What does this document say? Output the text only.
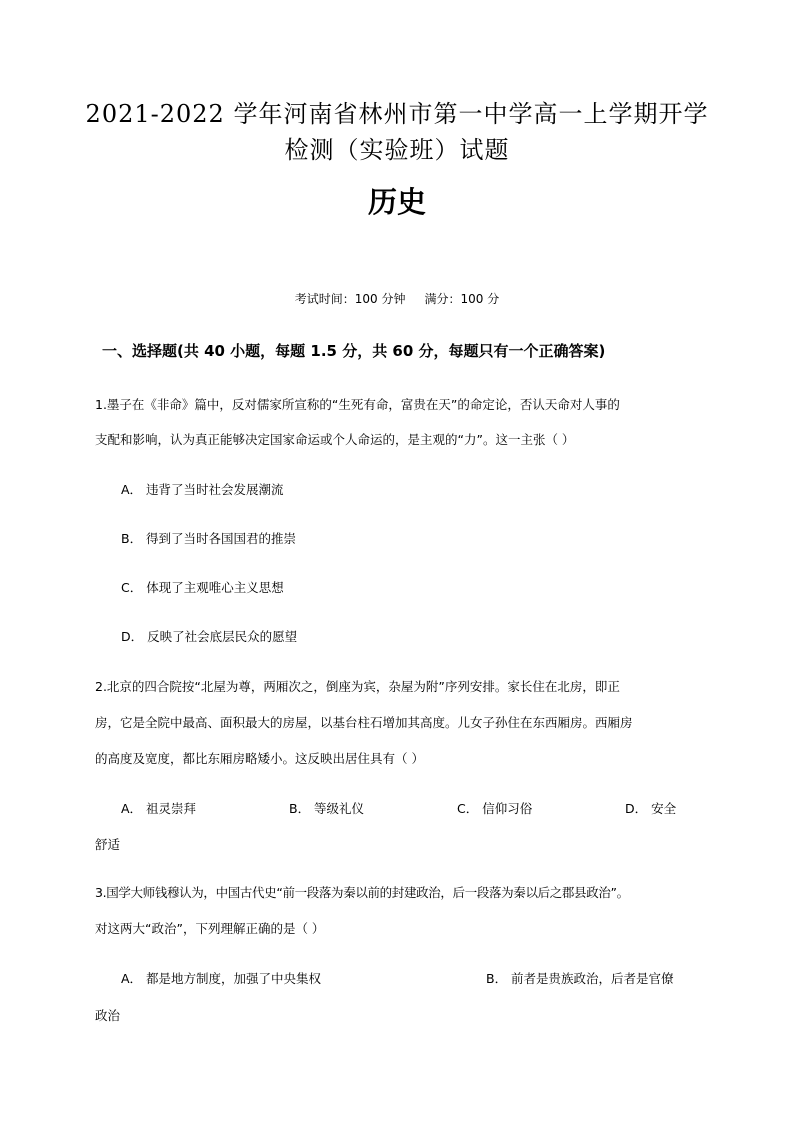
2021-2022 学年河南省林州市第一中学高一上学期开学
检测（实验班）试题
历史
考试时间：100 分钟     满分：100 分
一、选择题(共 40 小题，每题 1.5 分，共 60 分，每题只有一个正确答案)
1.墨子在《非命》篇中，反对儒家所宣称的“生死有命，富贵在天”的命定论，否认天命对人事的
支配和影响，认为真正能够决定国家命运或个人命运的，是主观的“力”。这一主张（ ）
A． 违背了当时社会发展潮流
B． 得到了当时各国国君的推崇
C． 体现了主观唯心主义思想
D． 反映了社会底层民众的愿望
2.北京的四合院按“北屋为尊，两厢次之，倒座为宾，杂屋为附”序列安排。家长住在北房，即正
房，它是全院中最高、面积最大的房屋，以基台柱石增加其高度。儿女子孙住在东西厢房。西厢房
的高度及宽度，都比东厢房略矮小。这反映出居住具有（ ）
A． 祖灵崇拜	B． 等级礼仪	C． 信仰习俗	D． 安全
舒适
3.国学大师钱穆认为，中国古代史“前一段落为秦以前的封建政治，后一段落为秦以后之郡县政治”。
对这两大“政治”，下列理解正确的是（ ）
A． 都是地方制度，加强了中央集权	B． 前者是贵族政治，后者是官僚
政治
